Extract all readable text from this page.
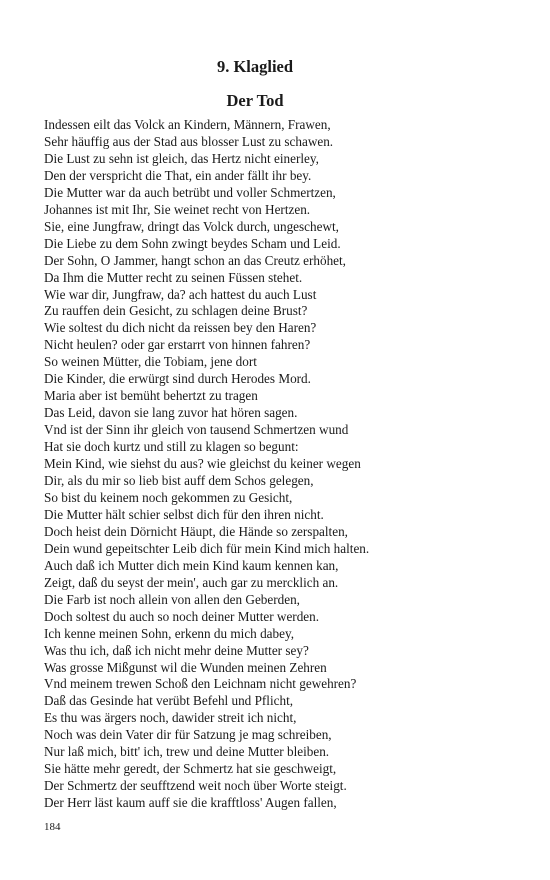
9. Klaglied
Der Tod
Indessen eilt das Volck an Kindern, Männern, Frawen,
Sehr häuffig aus der Stad aus blosser Lust zu schawen.
Die Lust zu sehn ist gleich, das Hertz nicht einerley,
Den der verspricht die That, ein ander fällt ihr bey.
Die Mutter war da auch betrübt und voller Schmertzen,
Johannes ist mit Ihr, Sie weinet recht von Hertzen.
Sie, eine Jungfraw, dringt das Volck durch, ungeschewt,
Die Liebe zu dem Sohn zwingt beydes Scham und Leid.
Der Sohn, O Jammer, hangt schon an das Creutz erhöhet,
Da Ihm die Mutter recht zu seinen Füssen stehet.
Wie war dir, Jungfraw, da? ach hattest du auch Lust
Zu rauffen dein Gesicht, zu schlagen deine Brust?
Wie soltest du dich nicht da reissen bey den Haren?
Nicht heulen? oder gar erstarrt von hinnen fahren?
So weinen Mütter, die Tobiam, jene dort
Die Kinder, die erwürgt sind durch Herodes Mord.
Maria aber ist bemüht behertzt zu tragen
Das Leid, davon sie lang zuvor hat hören sagen.
Vnd ist der Sinn ihr gleich von tausend Schmertzen wund
Hat sie doch kurtz und still zu klagen so begunt:
Mein Kind, wie siehst du aus? wie gleichst du keiner wegen
Dir, als du mir so lieb bist auff dem Schos gelegen,
So bist du keinem noch gekommen zu Gesicht,
Die Mutter hält schier selbst dich für den ihren nicht.
Doch heist dein Dörnicht Häupt, die Hände so zerspalten,
Dein wund gepeitschter Leib dich für mein Kind mich halten.
Auch daß ich Mutter dich mein Kind kaum kennen kan,
Zeigt, daß du seyst der mein', auch gar zu mercklich an.
Die Farb ist noch allein von allen den Geberden,
Doch soltest du auch so noch deiner Mutter werden.
Ich kenne meinen Sohn, erkenn du mich dabey,
Was thu ich, daß ich nicht mehr deine Mutter sey?
Was grosse Mißgunst wil die Wunden meinen Zehren
Vnd meinem trewen Schoß den Leichnam nicht gewehren?
Daß das Gesinde hat verübt Befehl und Pflicht,
Es thu was ärgers noch, dawider streit ich nicht,
Noch was dein Vater dir für Satzung je mag schreiben,
Nur laß mich, bitt' ich, trew und deine Mutter bleiben.
Sie hätte mehr geredt, der Schmertz hat sie geschweigt,
Der Schmertz der seufftzend weit noch über Worte steigt.
Der Herr läst kaum auff sie die krafftloss' Augen fallen,
184
